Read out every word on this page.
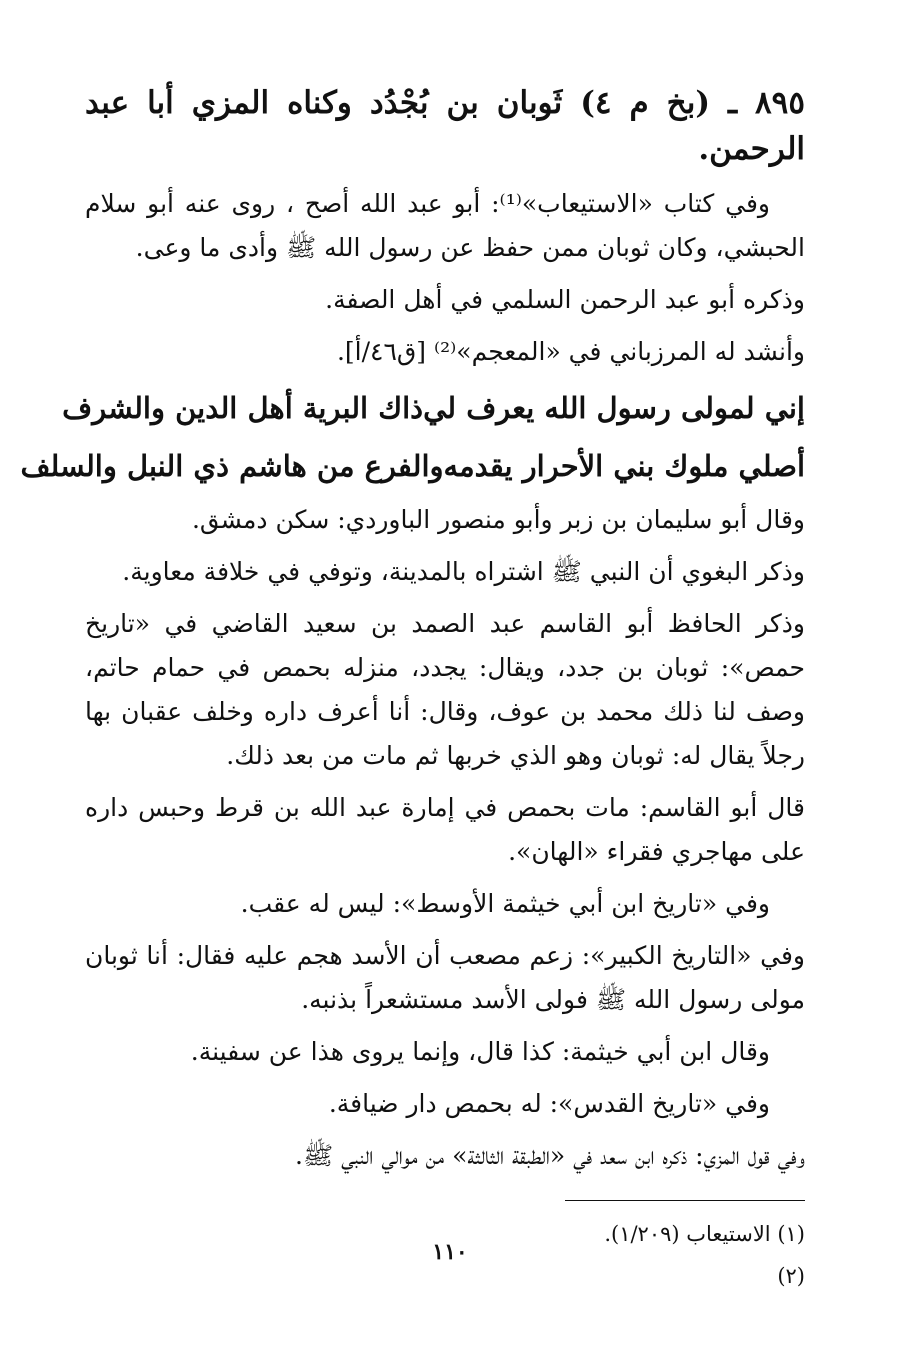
٨٩٥ ـ (بخ م ٤) ثَوبان بن بُجْدُد وكناه المزي أبا عبد الرحمن.
وفي كتاب «الاستيعاب»⁽¹⁾: أبو عبد الله أصح ، روى عنه أبو سلام الحبشي، وكان ثوبان ممن حفظ عن رسول الله ﷺ وأدى ما وعى.
وذكره أبو عبد الرحمن السلمي في أهل الصفة.
وأنشد له المرزباني في «المعجم»⁽²⁾ [ق٤٦/أ].
إني لمولى رسول الله يعرف لي
ذاك البرية أهل الدين والشرف
أصلي ملوك بني الأحرار يقدمه
والفرع من هاشم ذي النبل والسلف
وقال أبو سليمان بن زبر وأبو منصور الباوردي: سكن دمشق.
وذكر البغوي أن النبي ﷺ اشتراه بالمدينة، وتوفي في خلافة معاوية.
وذكر الحافظ أبو القاسم عبد الصمد بن سعيد القاضي في «تاريخ حمص»: ثوبان بن جدد، ويقال: يجدد، منزله بحمص في حمام حاتم، وصف لنا ذلك محمد بن عوف، وقال: أنا أعرف داره وخلف عقبان بها رجلاً يقال له: ثوبان وهو الذي خربها ثم مات من بعد ذلك.
قال أبو القاسم: مات بحمص في إمارة عبد الله بن قرط وحبس داره على مهاجري فقراء «الهان».
وفي «تاريخ ابن أبي خيثمة الأوسط»: ليس له عقب.
وفي «التاريخ الكبير»: زعم مصعب أن الأسد هجم عليه فقال: أنا ثوبان مولى رسول الله ﷺ فولى الأسد مستشعراً بذنبه.
وقال ابن أبي خيثمة: كذا قال، وإنما يروى هذا عن سفينة.
وفي «تاريخ القدس»: له بحمص دار ضيافة.
وفي قول المزي: ذكره ابن سعد في «الطبقة الثالثة» من موالي النبي ﷺ.
(١) الاستيعاب (١/٢٠٩).
(٢)
١١٠
